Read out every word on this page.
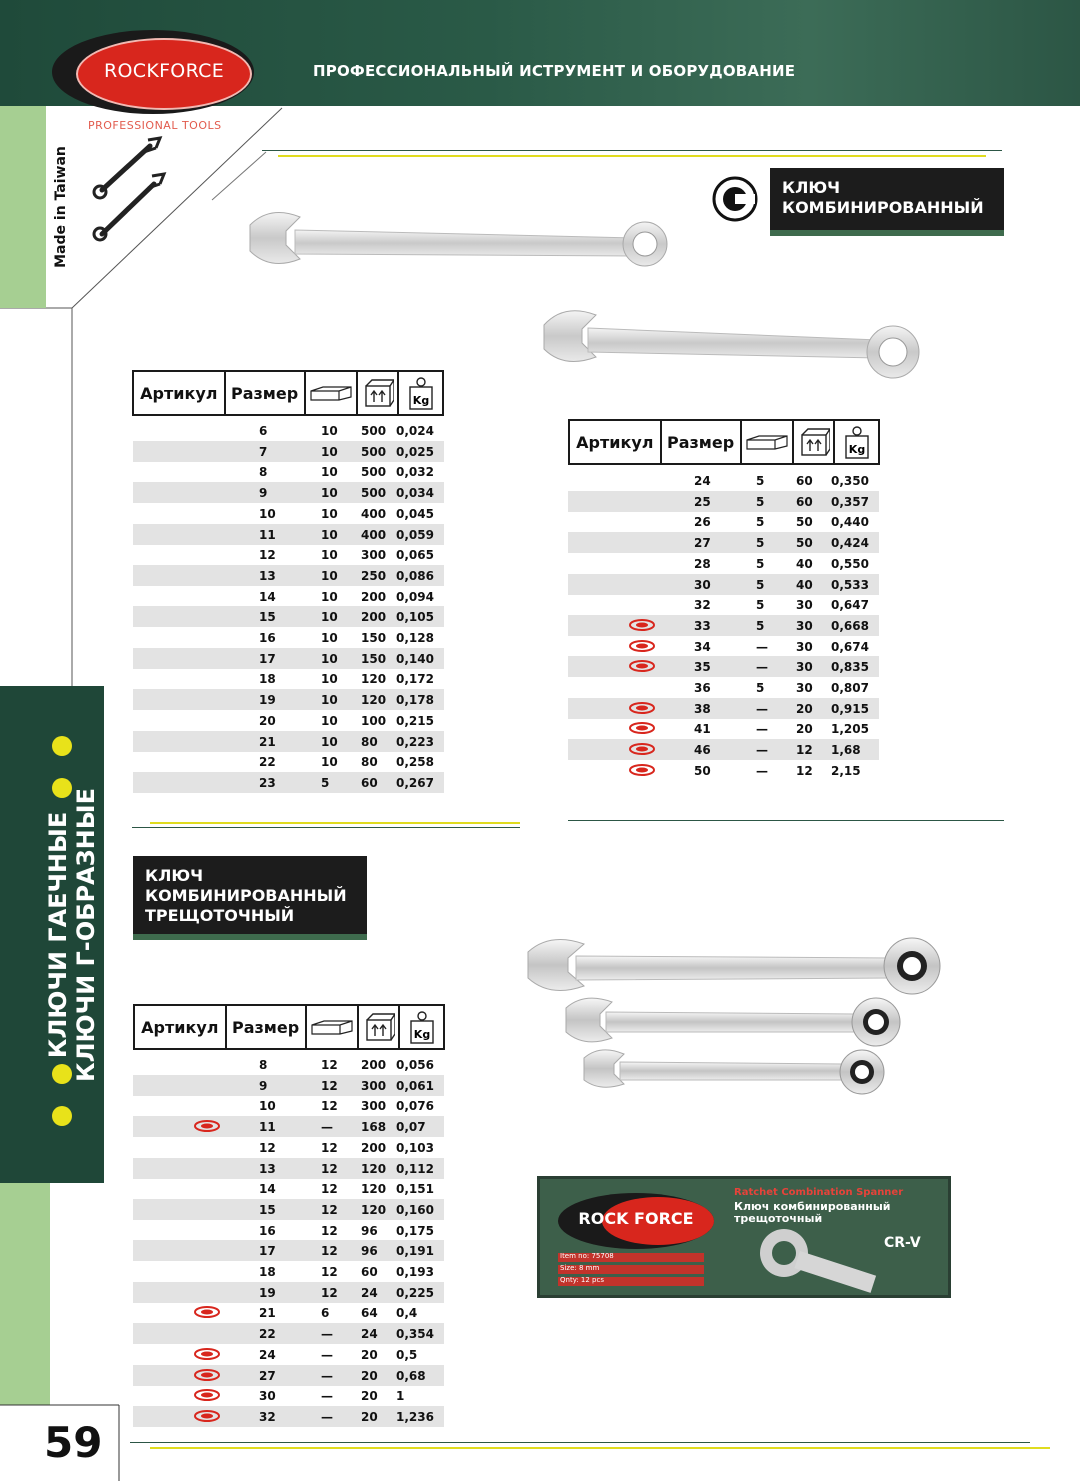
ПРОФЕССИОНАЛЬНЫЙ ИСТРУМЕНТ И ОБОРУДОВАНИЕ
ROCKFORCE
PROFESSIONAL TOOLS
Made in Taiwan
КЛЮЧИ ГАЕЧНЫЕ КЛЮЧИ Г-ОБРАЗНЫЕ
59
КЛЮЧ
КОМБИНИРОВАННЫЙ
Артикул Размер	Kg
6	10 500 0,024
7	10 500 0,025
8	10 500 0,032
9	10 500 0,034
10	10 400 0,045
11	10 400 0,059
12	10 300 0,065
13	10 250 0,086
14	10 200 0,094
15	10 200 0,105
16	10 150 0,128
17	10 150 0,140
18	10 120 0,172
19	10 120 0,178
20	10 100 0,215
21	10 80 0,223
22	10 80 0,258
23	5	60 0,267
Артикул Размер	Kg
24	5	60 0,350
25	5	60 0,357
26	5	50 0,440
27	5	50 0,424
28	5	40 0,550
30	5	40 0,533
32	5	30 0,647
33	5	30 0,668
34	— 30 0,674
35	— 30 0,835
36	5	30 0,807
38	— 20 0,915
41	— 20 1,205
46	— 12 1,68
50	— 12 2,15
КЛЮЧ
КОМБИНИРОВАННЫЙ
ТРЕЩОТОЧНЫЙ
ROCK FORCE
Ratchet Combination Spanner
Ключ комбинированный трещоточный
Item no: 75708
Size: 8 mm
Qnty: 12 pcs
CR-V
Артикул Размер	Kg
8	12 200 0,056
9	12 300 0,061
10	12 300 0,076
11	— 168 0,07
12	12 200 0,103
13	12 120 0,112
14	12 120 0,151
15	12 120 0,160
16	12 96 0,175
17	12 96 0,191
18	12 60 0,193
19	12 24 0,225
21	6	64 0,4
22	— 24 0,354
24	— 20 0,5
27	— 20 0,68
30	— 20 1
32	— 20 1,236
